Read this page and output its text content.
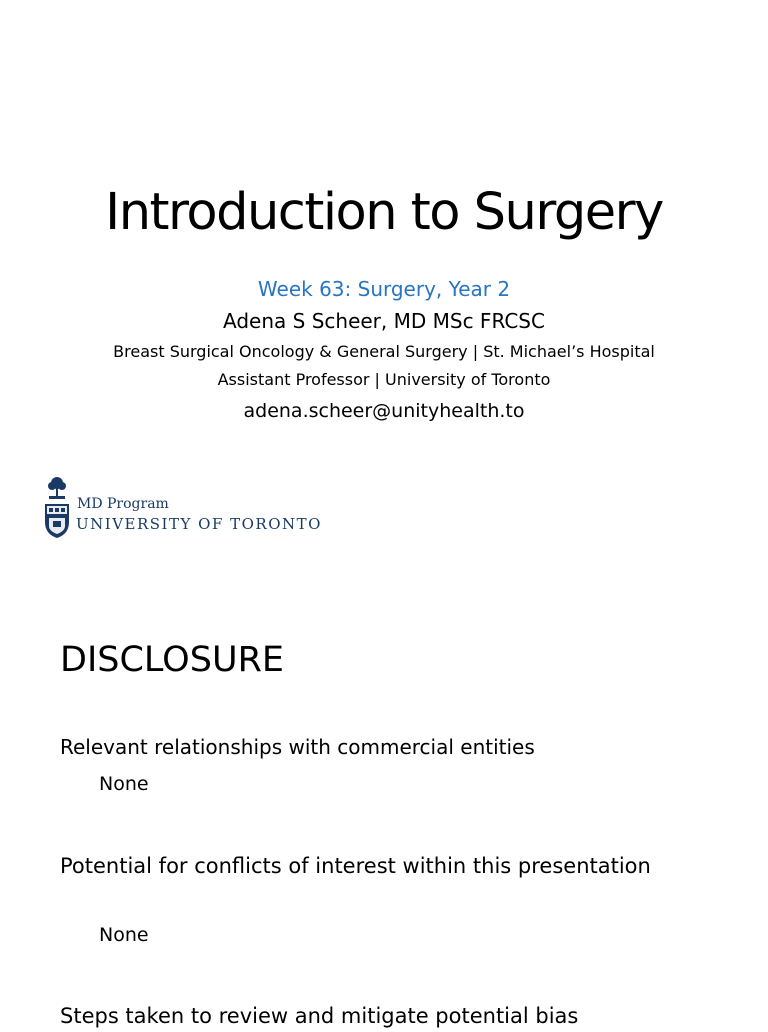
Introduction to Surgery
Week 63: Surgery, Year 2
Adena S Scheer, MD MSc FRCSC
Breast Surgical Oncology & General Surgery | St. Michael’s Hospital
Assistant Professor | University of Toronto
adena.scheer@unityhealth.to
MD Program
UNIVERSITY OF TORONTO
DISCLOSURE
Relevant relationships with commercial entities
None
Potential for conflicts of interest within this presentation
None
Steps taken to review and mitigate potential bias
